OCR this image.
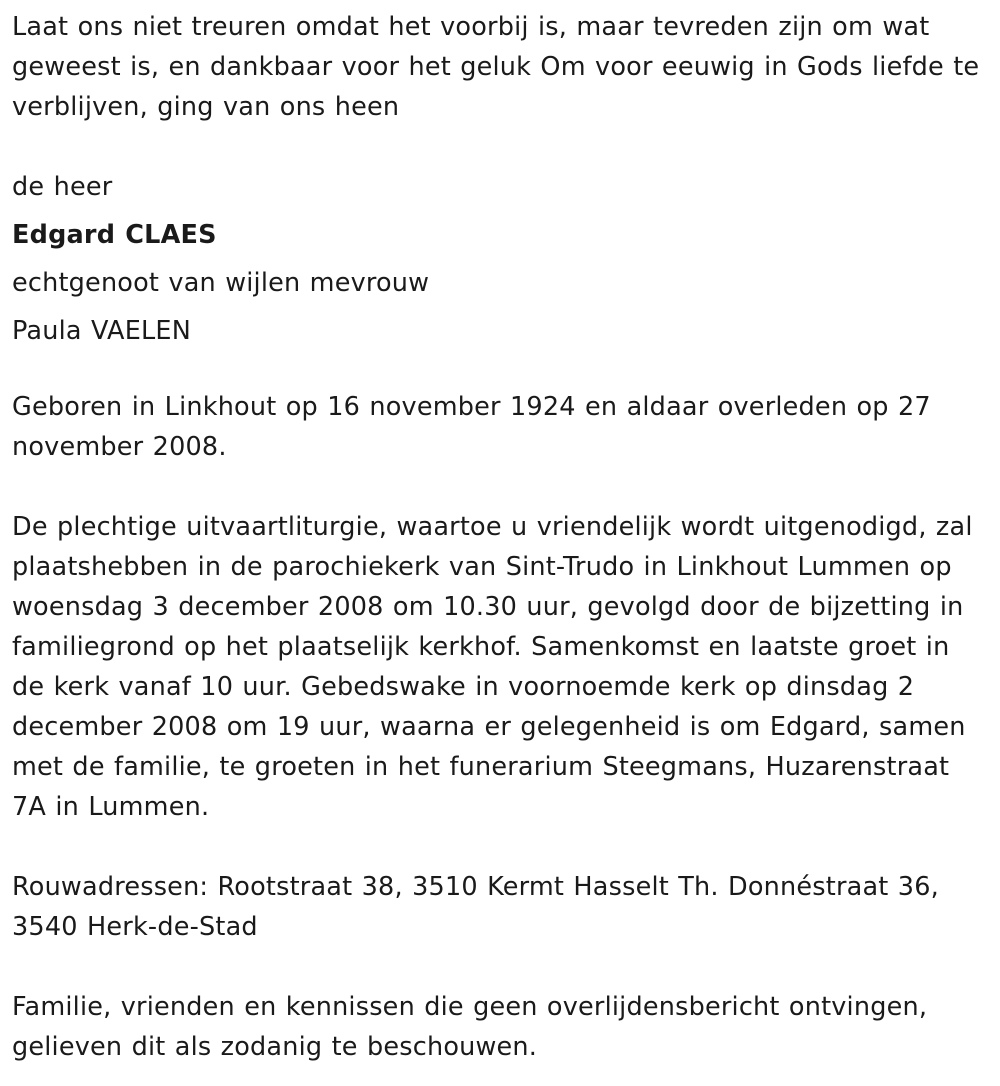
Laat ons niet treuren omdat het voorbij is, maar tevreden zijn om wat
geweest is, en dankbaar voor het geluk Om voor eeuwig in Gods liefde te
verblijven, ging van ons heen
de heer
Edgard CLAES
echtgenoot van wijlen mevrouw
Paula VAELEN
Geboren in Linkhout op 16 november 1924 en aldaar overleden op 27
november 2008.
De plechtige uitvaartliturgie, waartoe u vriendelijk wordt uitgenodigd, zal
plaatshebben in de parochiekerk van Sint-Trudo in Linkhout Lummen op
woensdag 3 december 2008 om 10.30 uur, gevolgd door de bijzetting in
familiegrond op het plaatselijk kerkhof. Samenkomst en laatste groet in
de kerk vanaf 10 uur. Gebedswake in voornoemde kerk op dinsdag 2
december 2008 om 19 uur, waarna er gelegenheid is om Edgard, samen
met de familie, te groeten in het funerarium Steegmans, Huzarenstraat
7A in Lummen.
Rouwadressen: Rootstraat 38, 3510 Kermt Hasselt Th. Donnéstraat 36,
3540 Herk-de-Stad
Familie, vrienden en kennissen die geen overlijdensbericht ontvingen,
gelieven dit als zodanig te beschouwen.
